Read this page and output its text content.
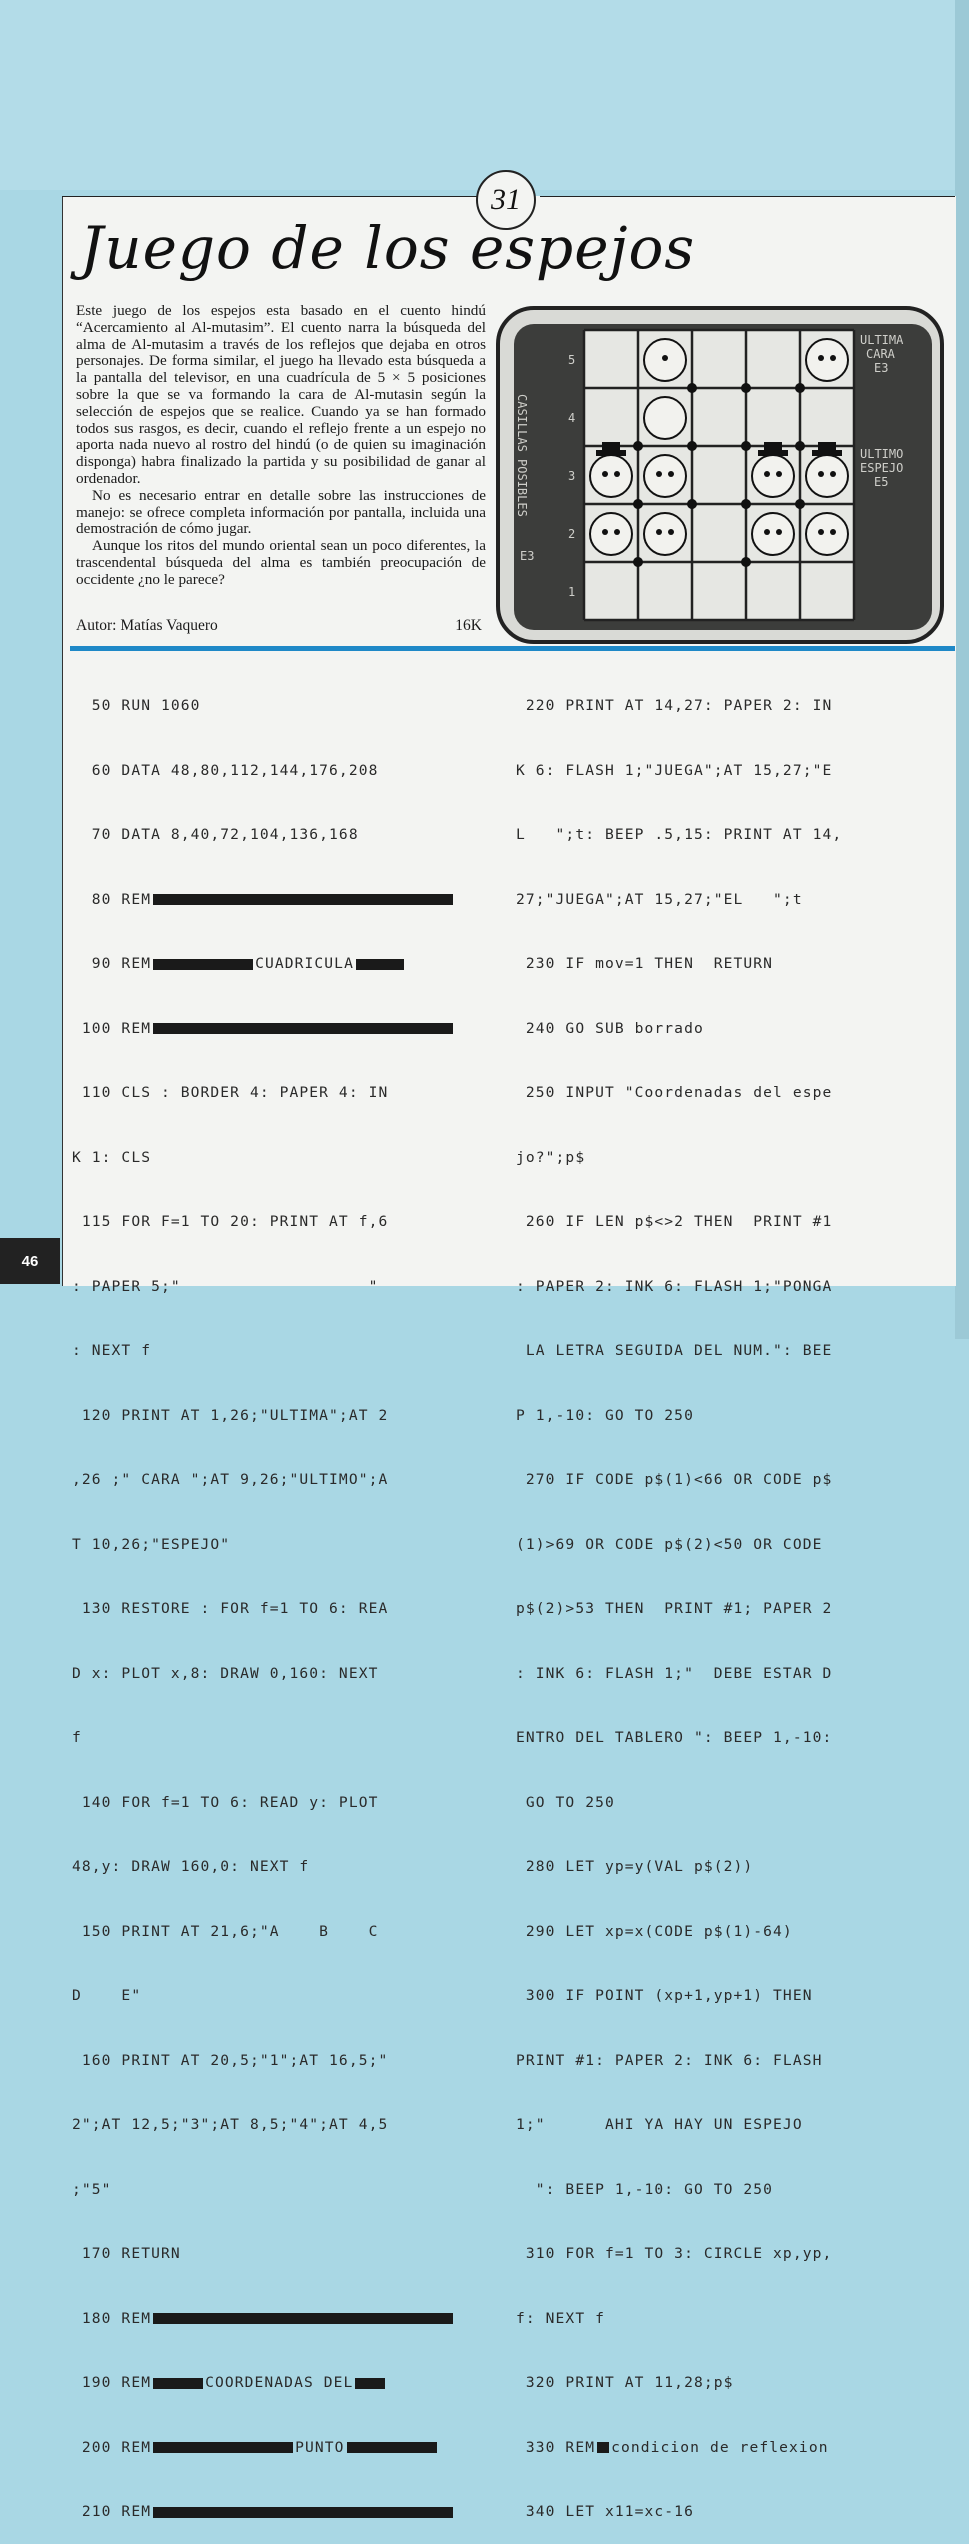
31
Juego de los espejos

Este juego de los espejos esta basado en el cuento hindú “Acercamiento al Al-mutasim”. El cuento narra la búsqueda del alma de Al-mutasim a través de los reflejos que dejaba en otros personajes. De forma similar, el juego ha llevado esta búsqueda a la pantalla del televisor, en una cuadrícula de 5 × 5 posiciones sobre la que se va formando la cara de Al-mutasin según la selección de espejos que se realice. Cuando ya se han formado todos sus rasgos, es decir, cuando el reflejo frente a un espejo no aporta nada nuevo al rostro del hindú (o de quien su imaginación disponga) habra finalizado la partida y su posibilidad de ganar al ordenador.

No es necesario entrar en detalle sobre las instrucciones de manejo: se ofrece completa información por pantalla, incluida una demostración de cómo jugar.

Aunque los ritos del mundo oriental sean un poco diferentes, la trascendental búsqueda del alma es también preocupación de occidente ¿no le parece?

Autor: Matías Vaquero	16K
CASILLAS POSIBLES
E3
5
4
3
2
1
ULTIMA
CARA
E3
ULTIMO
ESPEJO
E5

50 RUN 1060

60 DATA 48,80,112,144,176,208

70 DATA 8,40,72,104,136,168

80 REM

90 REM	CUADRICULA

100 REM

110 CLS : BORDER 4: PAPER 4: IN

K 1: CLS

115 FOR F=1 TO 20: PRINT AT f,6

: PAPER 5;"                   "

: NEXT f

120 PRINT AT 1,26;"ULTIMA";AT 2

,26 ;" CARA ";AT 9,26;"ULTIMO";A

T 10,26;"ESPEJO"

130 RESTORE : FOR f=1 TO 6: REA

D x: PLOT x,8: DRAW 0,160: NEXT

f

140 FOR f=1 TO 6: READ y: PLOT

48,y: DRAW 160,0: NEXT f

150 PRINT AT 21,6;"A    B    C

D    E"

160 PRINT AT 20,5;"1";AT 16,5;"

2";AT 12,5;"3";AT 8,5;"4";AT 4,5

;"5"

170 RETURN

180 REM

190 REM	COORDENADAS DEL

200 REM	PUNTO

210 REM

220 PRINT AT 14,27: PAPER 2: IN

K 6: FLASH 1;"JUEGA";AT 15,27;"E

L   ";t: BEEP .5,15: PRINT AT 14,

27;"JUEGA";AT 15,27;"EL   ";t

230 IF mov=1 THEN  RETURN

240 GO SUB borrado

250 INPUT "Coordenadas del espe

jo?";p$

260 IF LEN p$<>2 THEN  PRINT #1

: PAPER 2: INK 6: FLASH 1;"PONGA

LA LETRA SEGUIDA DEL NUM.": BEE

P 1,-10: GO TO 250

270 IF CODE p$(1)<66 OR CODE p$

(1)>69 OR CODE p$(2)<50 OR CODE

p$(2)>53 THEN  PRINT #1; PAPER 2

: INK 6: FLASH 1;"  DEBE ESTAR D

ENTRO DEL TABLERO ": BEEP 1,-10:

GO TO 250

280 LET yp=y(VAL p$(2))

290 LET xp=x(CODE p$(1)-64)

300 IF POINT (xp+1,yp+1) THEN

PRINT #1: PAPER 2: INK 6: FLASH

1;"      AHI YA HAY UN ESPEJO

": BEEP 1,-10: GO TO 250

310 FOR f=1 TO 3: CIRCLE xp,yp,

f: NEXT f

320 PRINT AT 11,28;p$

330 REM condicion de reflexion

340 LET x11=xc-16

46
